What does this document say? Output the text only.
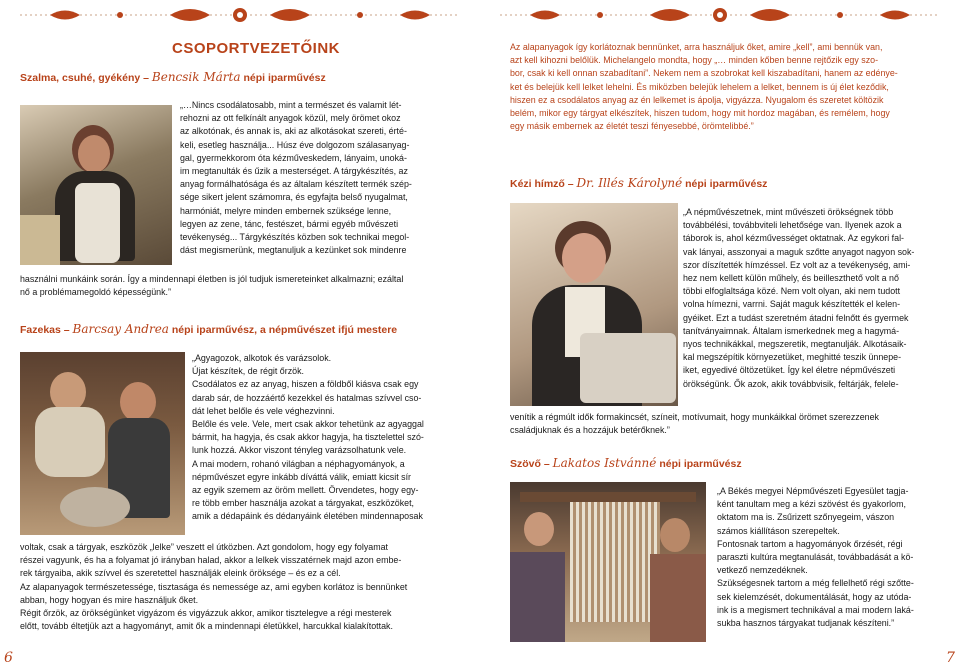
CSOPORTVEZETŐINK
Szalma, csuhé, gyékény – Bencsik Márta népi iparművész
„…Nincs csodálatosabb, mint a természet és valamit lét-
rehozni az ott felkínált anyagok közül, mely örömet okoz
az alkotónak, és annak is, aki az alkotásokat szereti, érté-
keli, esetleg használja... Húsz éve dolgozom szálasanyag-
gal, gyermekkorom óta kézműveskedem, lányaim, unoká-
im megtanulták és űzik a mesterséget. A tárgykészítés, az
anyag formálhatósága és az általam készített termék szép-
sége sikert jelent számomra, és egyfajta belső nyugalmat,
harmóniát, melyre minden embernek szüksége lenne,
legyen az zene, tánc, festészet, bármi egyéb művészeti
tevékenység... Tárgykészítés közben sok technikai megol-
dást megismerünk, megtanuljuk a kezünket sok mindenre
használni munkáink során. Így a mindennapi életben is jól tudjuk ismereteinket alkalmazni; ezáltal
nő a problémamegoldó képességünk.”
Fazekas – Barcsay Andrea népi iparművész, a népművészet ifjú mestere
„Agyagozok, alkotok és varázsolok.
Újat készítek, de régit őrzök.
Csodálatos ez az anyag, hiszen a földből kiásva csak egy
darab sár, de hozzáértő kezekkel és hatalmas szívvel cso-
dát lehet belőle és vele véghezvinni.
Belőle és vele. Vele, mert csak akkor tehetünk az agyaggal
bármit, ha hagyja, és csak akkor hagyja, ha tisztelettel szó-
lunk hozzá. Akkor viszont tényleg varázsolhatunk vele.
A mai modern, rohanó világban a néphagyományok, a
népművészet egyre inkább díváttá válik, emiatt kicsit sír
az egyik szemem az öröm mellett. Örvendetes, hogy egy-
re több ember használja azokat a tárgyakat, eszközöket,
amik a dédapáink és dédanyáink életében mindennaposak
voltak, csak a tárgyak, eszközök „lelke” veszett el útközben. Azt gondolom, hogy egy folyamat
részei vagyunk, és ha a folyamat jó irányban halad, akkor a lelkek visszatérnek majd azon embe-
rek tárgyaiba, akik szívvel és szeretettel használják eleink öröksége – és ez a cél.
Az alapanyagok természetessége, tisztasága és nemessége az, ami egyben korlátoz is bennünket
abban, hogy hogyan és mire használjuk őket.
Régit őrzök, az örökségünket vigyázom és vigyázzuk akkor, amikor tisztelegve a régi mesterek
előtt, tovább éltetjük azt a hagyományt, amit ők a mindennapi életükkel, harcukkal kialakítottak.
6
Az alapanyagok így korlátoznak bennünket, arra használjuk őket, amire „kell”, ami bennük van,
azt kell kihozni belőlük. Michelangelo mondta, hogy „… minden kőben benne rejtőzik egy szo-
bor, csak ki kell onnan szabadítani”. Nekem nem a szobrokat kell kiszabadítani, hanem az edénye-
ket és belejük kell lelket lehelni. És miközben belejük lehelem a lelket, bennem is új élet keződik,
hiszen ez a csodálatos anyag az én lelkemet is ápolja, vigyázza. Nyugalom és szeretet költözik
belém, mikor egy tárgyat elkészítek, hiszen tudom, hogy mit hordoz magában, és remélem, hogy
egy másik embernek az életét teszi fényesebbé, örömtelibbé.”
Kézi hímző – Dr. Illés Károlyné népi iparművész
„A népművészetnek, mint művészeti örökségnek több
továbbélési, továbbviteli lehetősége van. Ilyenek azok a
táborok is, ahol kézművességet oktatnak. Az egykori fal-
vak lányai, asszonyai a maguk szőtte anyagot nagyon sok-
szor díszítették hímzéssel. Ez volt az a tevékenység, ami-
hez nem kellett külön műhely, és beilleszthető volt a nő
többi elfoglaltsága közé. Nem volt olyan, aki nem tudott
volna hímezni, varrni. Saját maguk készítették el kelen-
gyéiket. Ezt a tudást szeretném átadni felnőtt és gyermek
tanítványaimnak. Általam ismerkednek meg a hagymá-
nyos technikákkal, megszeretik, megtanulják. Alkotásaik-
kal megszépítik környezetüket, meghitté teszik ünnepe-
iket, egyedivé öltözetüket. Így kel életre népművészeti
örökségünk. Ők azok, akik továbbvisik, feltárják, felele-
venítik a régmúlt idők formakincsét, színeit, motívumait, hogy munkáikkal örömet szerezzenek
családjuknak és a hozzájuk betérőknek.”
Szövő – Lakatos Istvánné népi iparművész
„A Békés megyei Népművészeti Egyesület tagja-
ként tanultam meg a kézi szövést és gyakorlom,
oktatom ma is. Zsűrizett szőnyegeim, vászon
számos kiállításon szerepeltek.
Fontosnak tartom a hagyományok őrzését, régi
paraszti kultúra megtanulását, továbbadását a kö-
vetkező nemzedéknek.
Szükségesnek tartom a még fellelhető régi szőtte-
sek kielemzését, dokumentálását, hogy az utóda-
ink is a megismert technikával a mai modern laká-
sukba hasznos tárgyakat tudjanak készíteni.”
7
